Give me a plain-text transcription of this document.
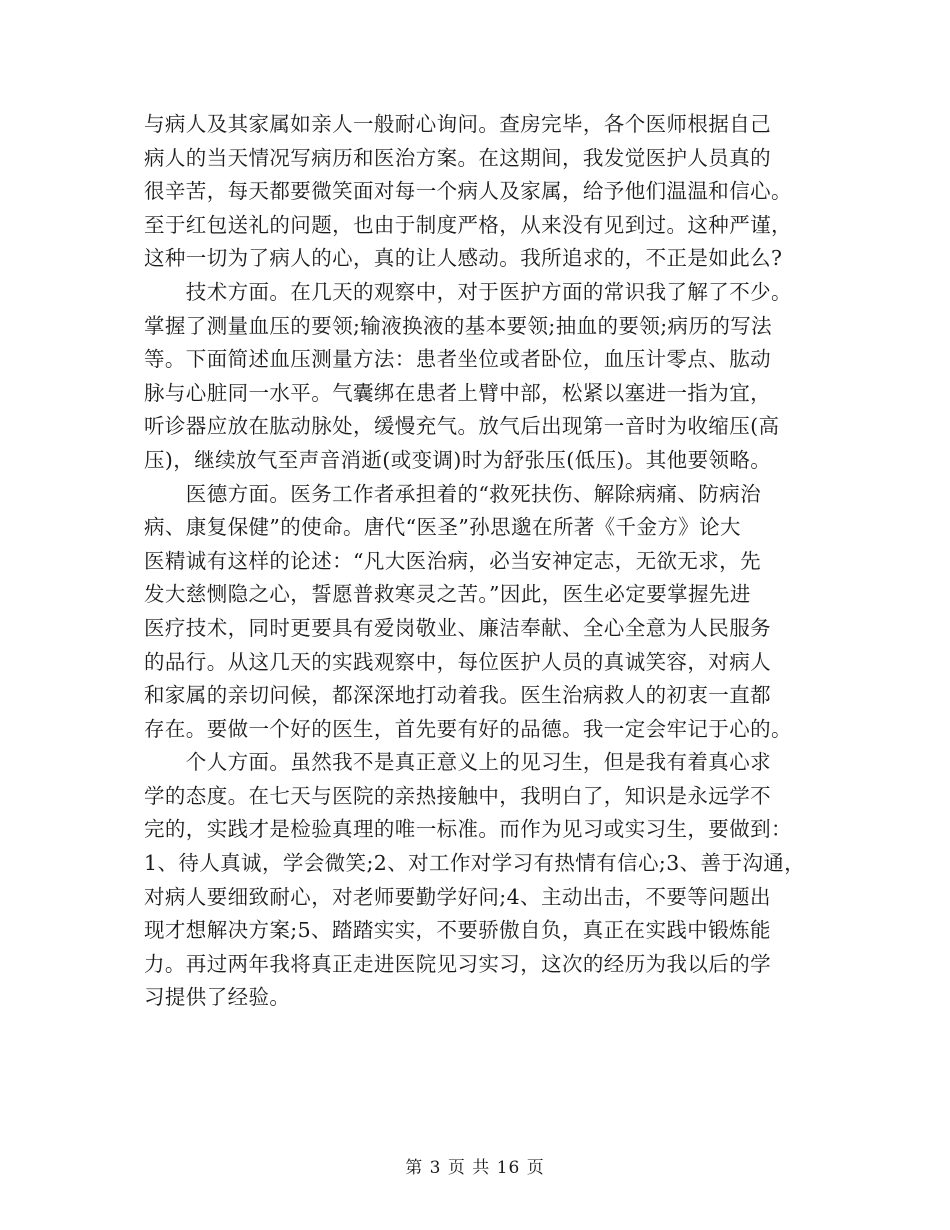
与病人及其家属如亲人一般耐心询问。查房完毕，各个医师根据自己
病人的当天情况写病历和医治方案。在这期间，我发觉医护人员真的
很辛苦，每天都要微笑面对每一个病人及家属，给予他们温温和信心。
至于红包送礼的问题，也由于制度严格，从来没有见到过。这种严谨，
这种一切为了病人的心，真的让人感动。我所追求的，不正是如此么?
　　技术方面。在几天的观察中，对于医护方面的常识我了解了不少。
掌握了测量血压的要领;输液换液的基本要领;抽血的要领;病历的写法
等。下面简述血压测量方法：患者坐位或者卧位，血压计零点、肱动
脉与心脏同一水平。气囊绑在患者上臂中部，松紧以塞进一指为宜，
听诊器应放在肱动脉处，缓慢充气。放气后出现第一音时为收缩压(高
压)，继续放气至声音消逝(或变调)时为舒张压(低压)。其他要领略。
　　医德方面。医务工作者承担着的“救死扶伤、解除病痛、防病治
病、康复保健”的使命。唐代“医圣”孙思邈在所著《千金方》论大
医精诚有这样的论述：“凡大医治病，必当安神定志，无欲无求，先
发大慈恻隐之心，誓愿普救寒灵之苦。”因此，医生必定要掌握先进
医疗技术，同时更要具有爱岗敬业、廉洁奉献、全心全意为人民服务
的品行。从这几天的实践观察中，每位医护人员的真诚笑容，对病人
和家属的亲切问候，都深深地打动着我。医生治病救人的初衷一直都
存在。要做一个好的医生，首先要有好的品德。我一定会牢记于心的。
　　个人方面。虽然我不是真正意义上的见习生，但是我有着真心求
学的态度。在七天与医院的亲热接触中，我明白了，知识是永远学不
完的，实践才是检验真理的唯一标准。而作为见习或实习生，要做到：
1、待人真诚，学会微笑;2、对工作对学习有热情有信心;3、善于沟通，
对病人要细致耐心，对老师要勤学好问;4、主动出击，不要等问题出
现才想解决方案;5、踏踏实实，不要骄傲自负，真正在实践中锻炼能
力。再过两年我将真正走进医院见习实习，这次的经历为我以后的学
习提供了经验。
第 3 页 共 16 页
